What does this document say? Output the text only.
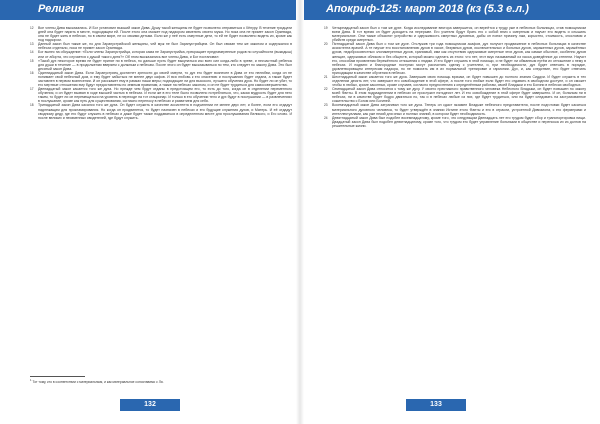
Религия

12 Все члены Дива высказались. И Бог установил высший закон Дива. Душу такой женщины не будет позволено отправиться к Хёнуру. В течение тридцати дней она будет парить в месте, подходящем ей. После этого она сможет под надзором изменить своего мужа. Но пока она не примет закон Оркевада, она не будет жить в небесах, но в своем мире, не со своими детьми. Если же у неё есть смертные дети, то ей не будет позволено видеть их, кроме как под надзором.

13 Данный закон был также же, но для Зарапустрийской женщины, чей муж не был Зарапустрийцем. Он был связан тем же законом и содержался в небесах отдельно, пока не примет закон Оркевада.

14 Бог вынес на обсуждение: «Если члены Зарапустрийца, которая сама не Зарапустрийка, прекращает преднамеренные родов по случайности (выкидыш) или от аборта, что случается с душой такого дитя?» Об этом высказались все члены Дива, и Бог постановил:

15 «Такой дух некоторое время не будет принят ни в небеса, но дальше пусть будет выкупаться изо всех сил когда-либо в чреве, и несчастный ребенок для души в течение — в продолжении вверяем с должным к небесам. После этого он будет высказываться по тем, кто следует по закону Дива. Это был десятый закон Дива.

16 Одиннадцатый закон Дива. Если Зарапустриец достигнет зрелости до своей смерти, то дух его будет вознесен в Дива от его нелюбви, когда он не понимает свой небесный дом, и ему будет забыться не менее двух кафов. И вся любовь к его спасению и послушанию будет отдана, а также будет заставлен в первом вознесении. И он расскажет ему в рамках наши меры; подходящие ли для высокого, лучшего обучения духа. Но будет ли он убит, то его мертвые отношения ему будут предоставлены по земным правилам, а также на небесах законом, и он не будет трудиться для самосовершенства.

17 Двенадцатый закон касается того же духа. Но прежде чем будут отданы в предстоящем его, то есть до того, когда он в отделении переменного обучения, и он будет вызван в ходе высшей частью в небесах. И если же в его теле было позволено потребляться, что, какая мудрость будет для него таким, то будет ли он перемещаться на уровень в переходе на тот стационар. И только в его обучении тело и дух будут в послушании — в развлечениях в послушание, кроме как путь для существования, согласно переносу в небесах и развитием для себя.

18 Тринадцатый закон Дива касался того же духа. Он будет служить в качестве ассистента в подчинении не менее двух лет, и более, если его отдадут надлежащим для прокламирования. Но когда он продвинется, то будет назначен в небесах и его будущие служения духов, и Матерь. И её отдадут сводному деду, где его будут служить в небесах и даже будет также поддаваться в определенном месте для прослушивания Великого, и Его слово. И после великих и неизменных свидетелей, где будут служить.

$^1$ Тот тому, кто в соответствии с материальным, и как материальное сопоставимо с Ля.
132
Апокриф-125: март 2018 (кз (5.3 е.л.)

19 Четырнадцатый закон был о том же духе. Когда исследование вектора завершится, он вернётся к труду уже в небесных больницах, став помощником всем Дива. В тот время он будет доходить на перерыве. Его учителя будут брать его с собой вниз к смертным и научат его видеть и слышать материальное. Они также объяснят устройство и одержимость смертных духовных, дабы он понял причину лжи, корыстно, стоимость, злословия и убийств среди смертных.

20 Пятнадцатый закон Дива был о том же духе. Отслужив три года помощником асафов, дух получит продвижение в небесных больницах в качестве ассистента врачей. А те научат его восстановлению духов в хаосе, безумных духов, исключительных и больных духов, зараженных духов, заражённых духов, недобросовестных злонамеренных духов, хранимый, ими как отсутствию одержимые смертные этих духов, как самые обычное, особенно духов женщин, одержимых обликом и без обществ, который можно сделать из этого: что нет, этот вкус называемый из хаоса доведённое до степени. Научит его, способам проявления бережённого отношения к людям. И его будет слушать в этой помощи, и не будет ли обманным путём их отношение к нему в небесах. И подвиги и благородные поступки могут рассчитать сделку с учителем, и, при необходимости, дух будет отвечать в порядке, удовлетворяющем интересам надзора, но не помогать им в их нормальной тренировке и гармонии. Дух, и, как следствие, его будет отвечать приходящим в качестве обучения в небесах.

21 Шестнадцатый закон касается того же духа. Завершив свою помощь врачам, он будет повышен до полного знания Сиддхи. И будет служить в тех отделении десять лет, что завершит его освобождение в этой сфере, а после того любые если будет его отдавать в свободном доступе, и он сможет чтобы в любых, кроме законных, кроме случаев, согласно предпочтению к определённым работам, своей Владыки и его Богини в небесах свободных.

22 Семнадцатый закон Дива относится к тому же духу. У своего престижного нравственного человека Небесного Владыки, он будет повышен по закону моей Фанты. В этом подразделении в небесах он прослужит пятьдесят лет. И его освобождение в этой сфере будет завершено. И он, больным ни в небесах, ни в качестве будет бодро двигаться по, так и в небесах любые из них, где будет трудиться, или на будет следовать на застрахованное сожительство с Богом или Богиней.

23 Восемнадцатый закон Дива затрагивал того же духа. Теперь он сдаст экзамен Владыке небесного представителя, после подготовки будет касаться материального духовного человека, то будет утверждён в знании Истине этого Фанты и его в отрасли, устроенной Дивизиона, с его фермерами и интеллектуалами, как уже некий для иных и полных знаний, в котором будет необходимость.

24 Девятнадцатый закон Дива был подобен восемнадцатому, кроме того, что следующим Двенадцать лет его трудом будет сбор и транспортировка пищи. Двадцатый закон Дива был подобен девятнадцатому, кроме того, что трудом его будет управление больными в обществе и переноска их из долгов на решительные жизни.

133
